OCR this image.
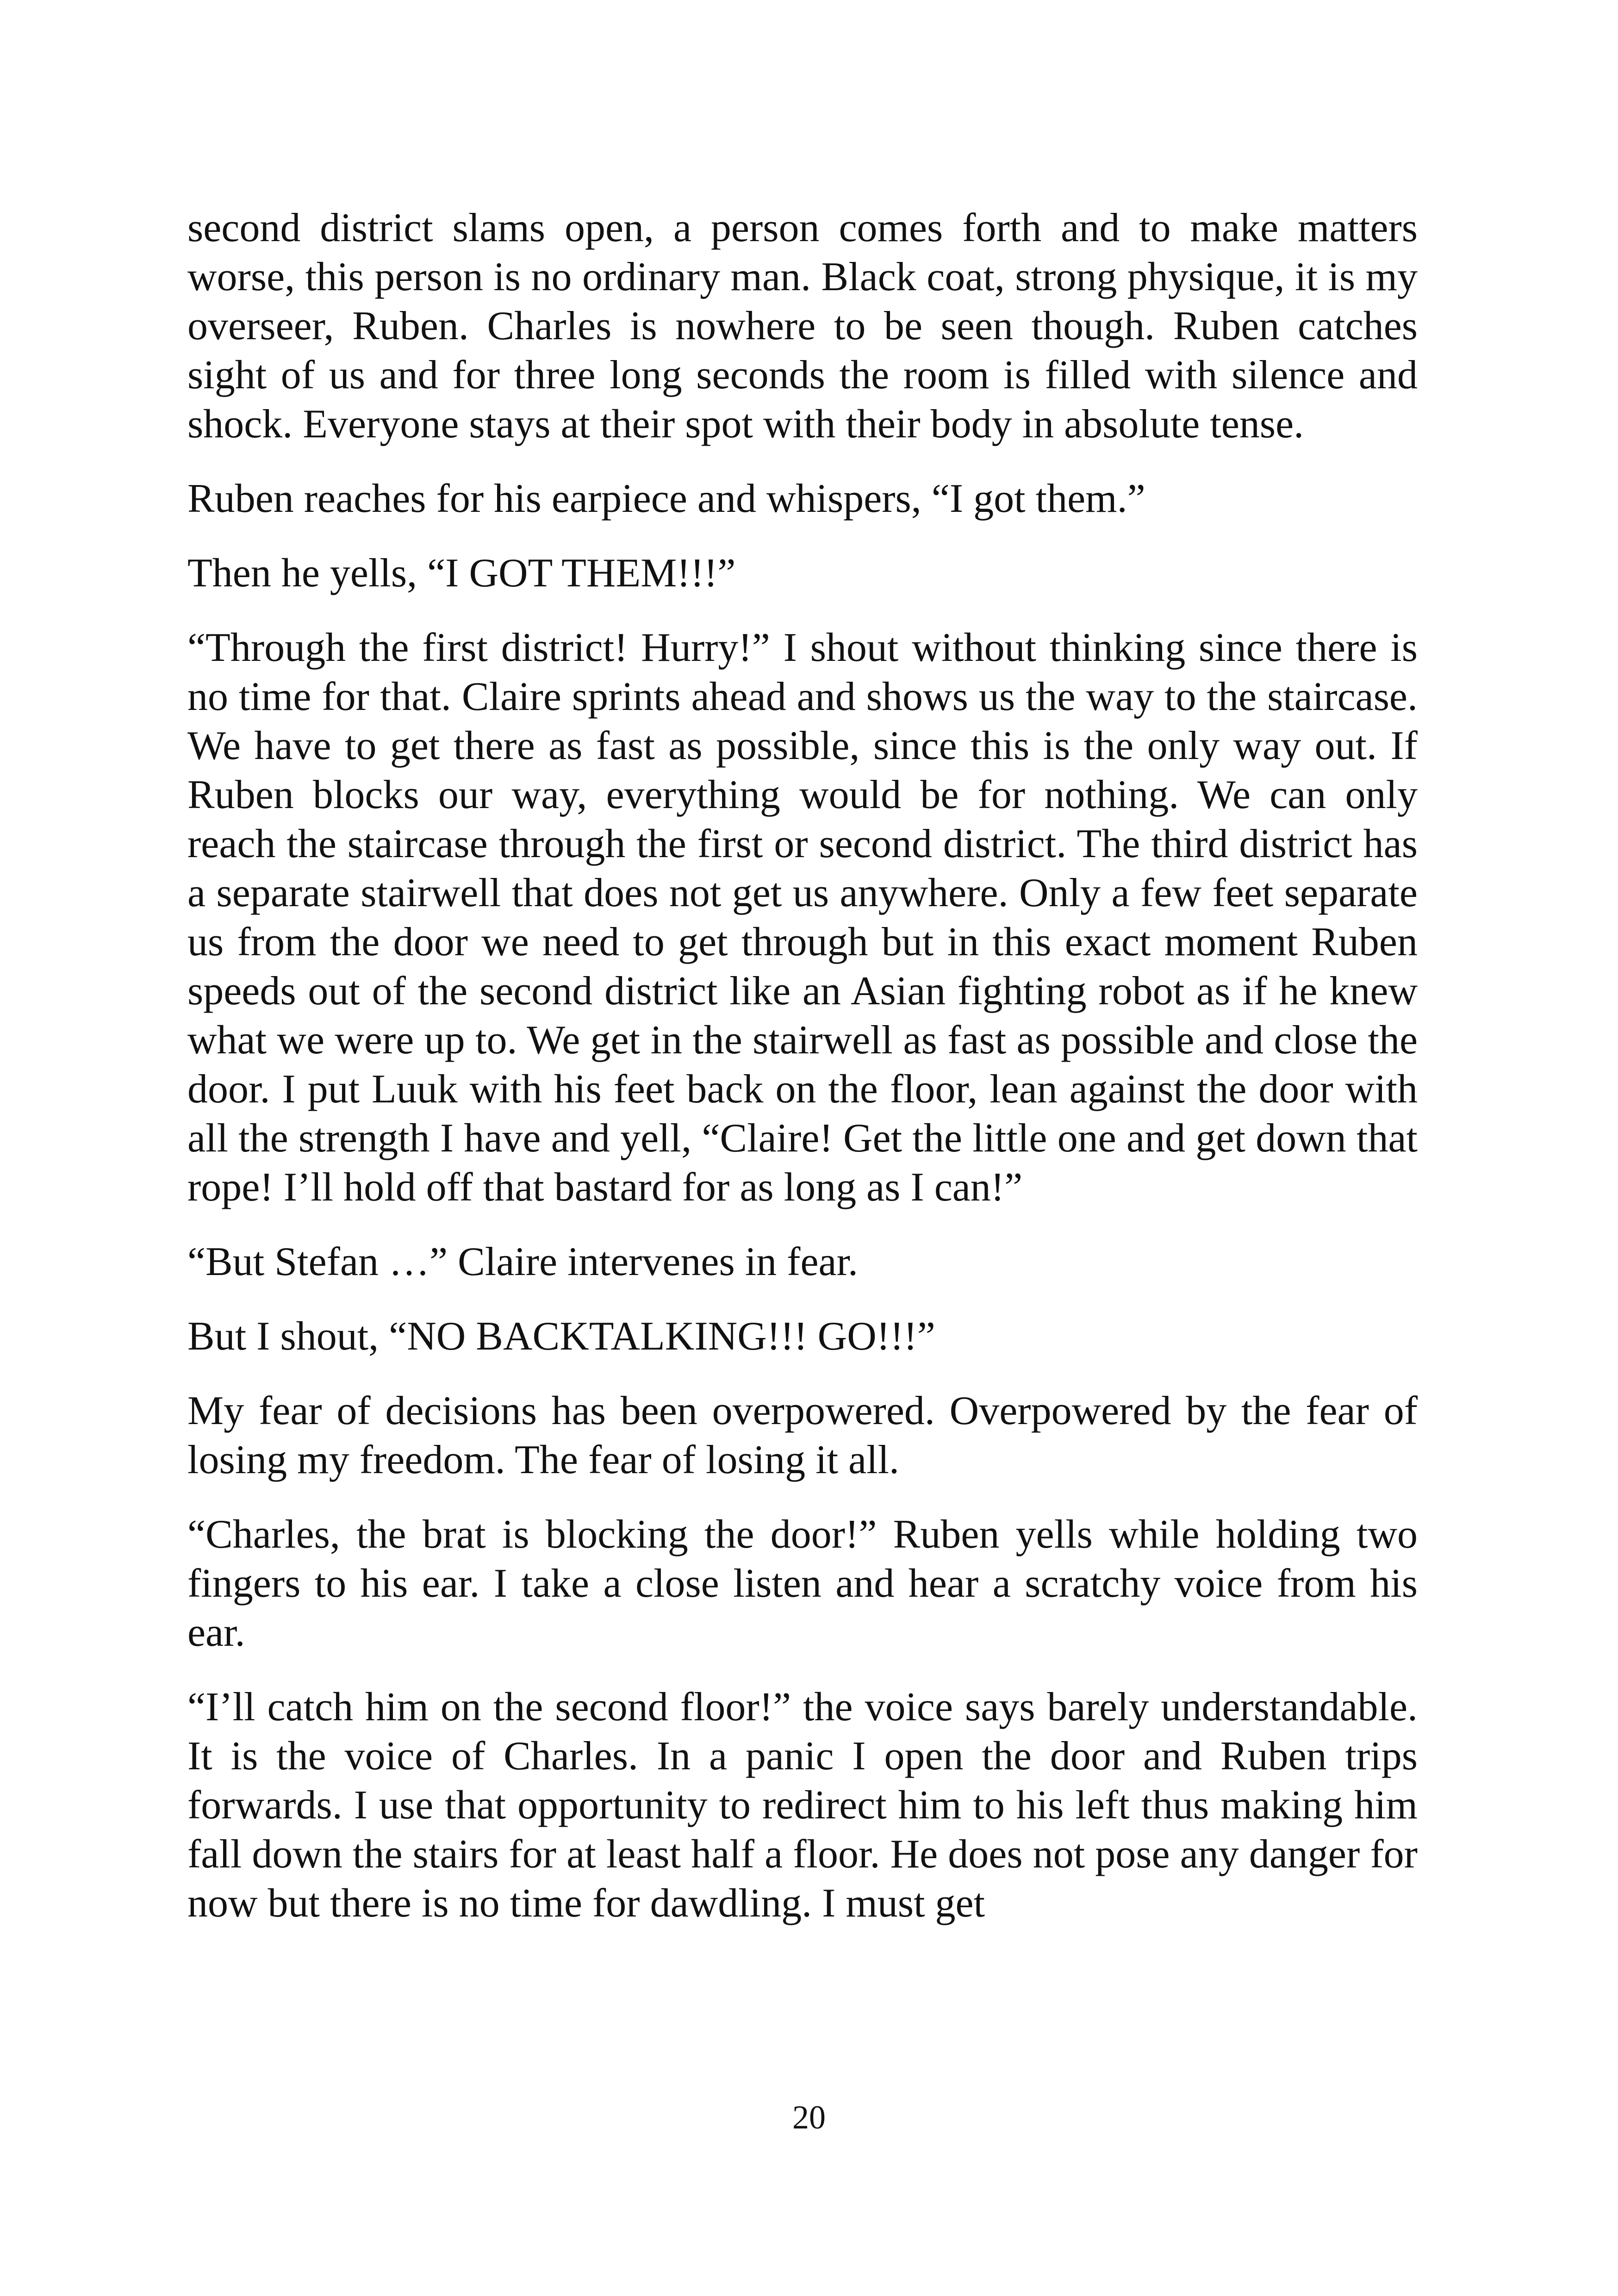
second district slams open, a person comes forth and to make matters worse, this person is no ordinary man. Black coat, strong physique, it is my overseer, Ruben. Charles is nowhere to be seen though. Ruben catches sight of us and for three long seconds the room is filled with silence and shock. Everyone stays at their spot with their body in absolute tense.

Ruben reaches for his earpiece and whispers, “I got them.”

Then he yells, “I GOT THEM!!!”

“Through the first district! Hurry!” I shout without thinking since there is no time for that. Claire sprints ahead and shows us the way to the staircase. We have to get there as fast as possible, since this is the only way out. If Ruben blocks our way, everything would be for nothing. We can only reach the staircase through the first or second district. The third district has a separate stairwell that does not get us anywhere. Only a few feet separate us from the door we need to get through but in this exact moment Ruben speeds out of the second district like an Asian fighting robot as if he knew what we were up to. We get in the stairwell as fast as possible and close the door. I put Luuk with his feet back on the floor, lean against the door with all the strength I have and yell, “Claire! Get the little one and get down that rope! I’ll hold off that bastard for as long as I can!”

“But Stefan …” Claire intervenes in fear.

But I shout, “NO BACKTALKING!!! GO!!!”

My fear of decisions has been overpowered. Overpowered by the fear of losing my freedom. The fear of losing it all.

“Charles, the brat is blocking the door!” Ruben yells while holding two fingers to his ear. I take a close listen and hear a scratchy voice from his ear.

“I’ll catch him on the second floor!” the voice says barely understandable. It is the voice of Charles. In a panic I open the door and Ruben trips forwards. I use that opportunity to redirect him to his left thus making him fall down the stairs for at least half a floor. He does not pose any danger for now but there is no time for dawdling. I must get

20
